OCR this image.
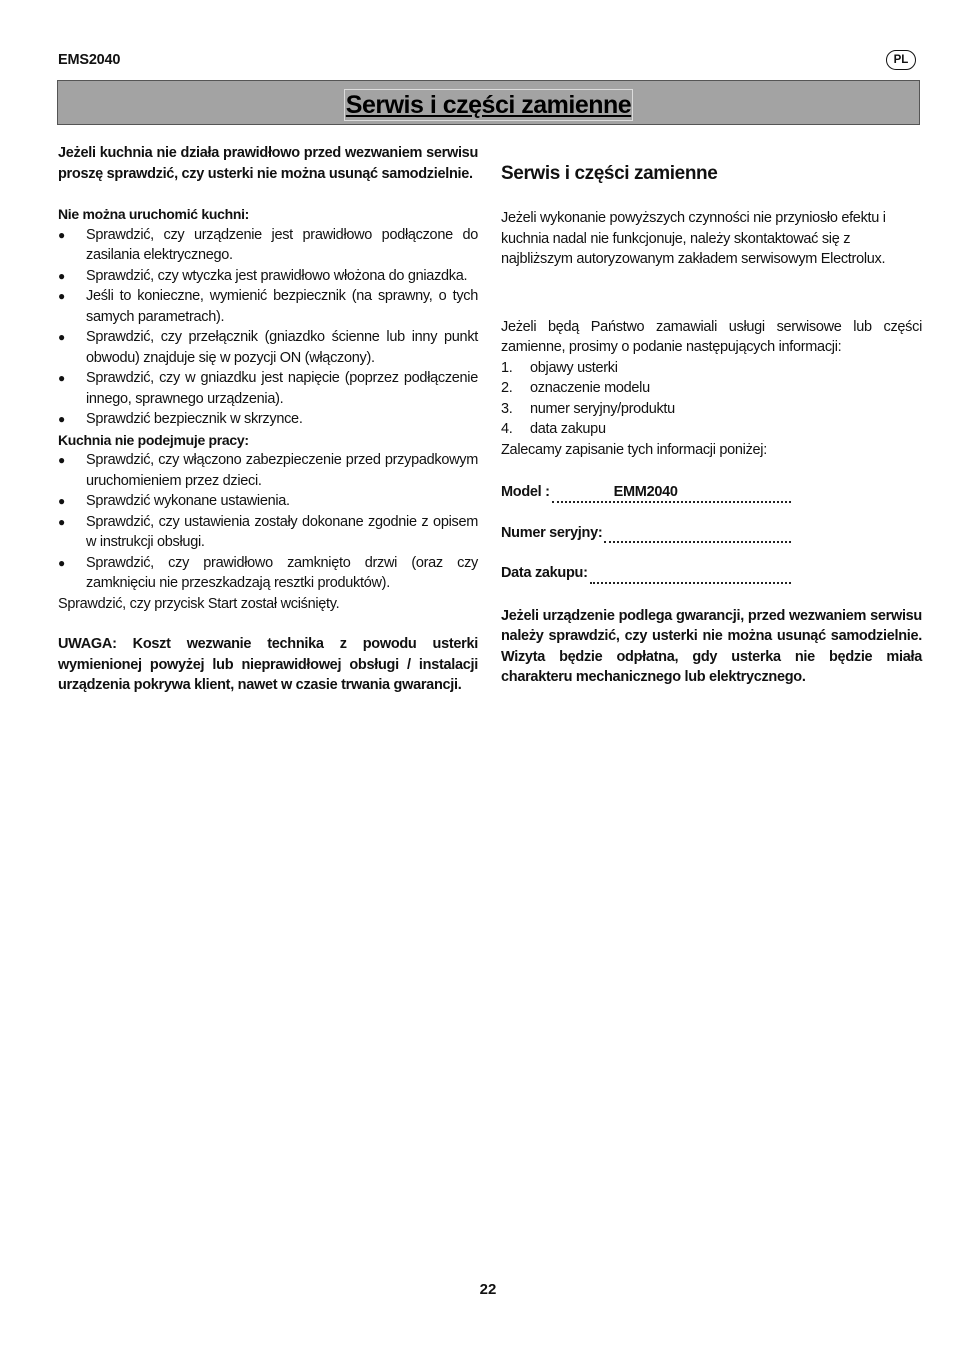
EMS2040	PL
Serwis i części zamienne

Jeżeli kuchnia nie działa prawidłowo przed wezwaniem serwisu proszę sprawdzić, czy usterki nie można usunąć samodzielnie.

Nie można uruchomić kuchni:

● Sprawdzić, czy urządzenie jest prawidłowo podłączone do zasilania elektrycznego.
● Sprawdzić, czy wtyczka jest prawidłowo włożona do gniazdka.
● Jeśli to konieczne, wymienić bezpiecznik (na sprawny, o tych samych parametrach).
● Sprawdzić, czy przełącznik (gniazdko ścienne lub inny punkt obwodu) znajduje się w pozycji ON (włączony).
● Sprawdzić, czy w gniazdku jest napięcie (poprzez podłączenie innego, sprawnego urządzenia).
● Sprawdzić bezpiecznik w skrzynce.

Kuchnia nie podejmuje pracy:

● Sprawdzić, czy włączono zabezpieczenie przed przypadkowym uruchomieniem przez dzieci.
● Sprawdzić wykonane ustawienia.
● Sprawdzić, czy ustawienia zostały dokonane zgodnie z opisem w instrukcji obsługi.
● Sprawdzić, czy prawidłowo zamknięto drzwi (oraz czy zamknięciu nie przeszkadzają resztki produktów).

Sprawdzić, czy przycisk Start został wciśnięty.

UWAGA: Koszt wezwanie technika z powodu usterki wymienionej powyżej lub nieprawidłowej obsługi / instalacji urządzenia pokrywa klient, nawet w czasie trwania gwarancji.

Serwis i części zamienne

Jeżeli wykonanie powyższych czynności nie przyniosło efektu i kuchnia nadal nie funkcjonuje, należy skontaktować się z najbliższym autoryzowanym zakładem serwisowym Electrolux.

Jeżeli będą Państwo zamawiali usługi serwisowe lub części zamienne, prosimy o podanie następujących informacji:

1. objawy usterki
2. oznaczenie modelu
3. numer seryjny/produktu
4. data zakupu

Zalecamy zapisanie tych informacji poniżej:

Model :	EMM2040
Numer seryjny:
Data zakupu:

Jeżeli urządzenie podlega gwarancji, przed wezwaniem serwisu należy sprawdzić, czy usterki nie można usunąć samodzielnie. Wizyta będzie odpłatna, gdy usterka nie będzie miała charakteru mechanicznego lub elektrycznego.

22
